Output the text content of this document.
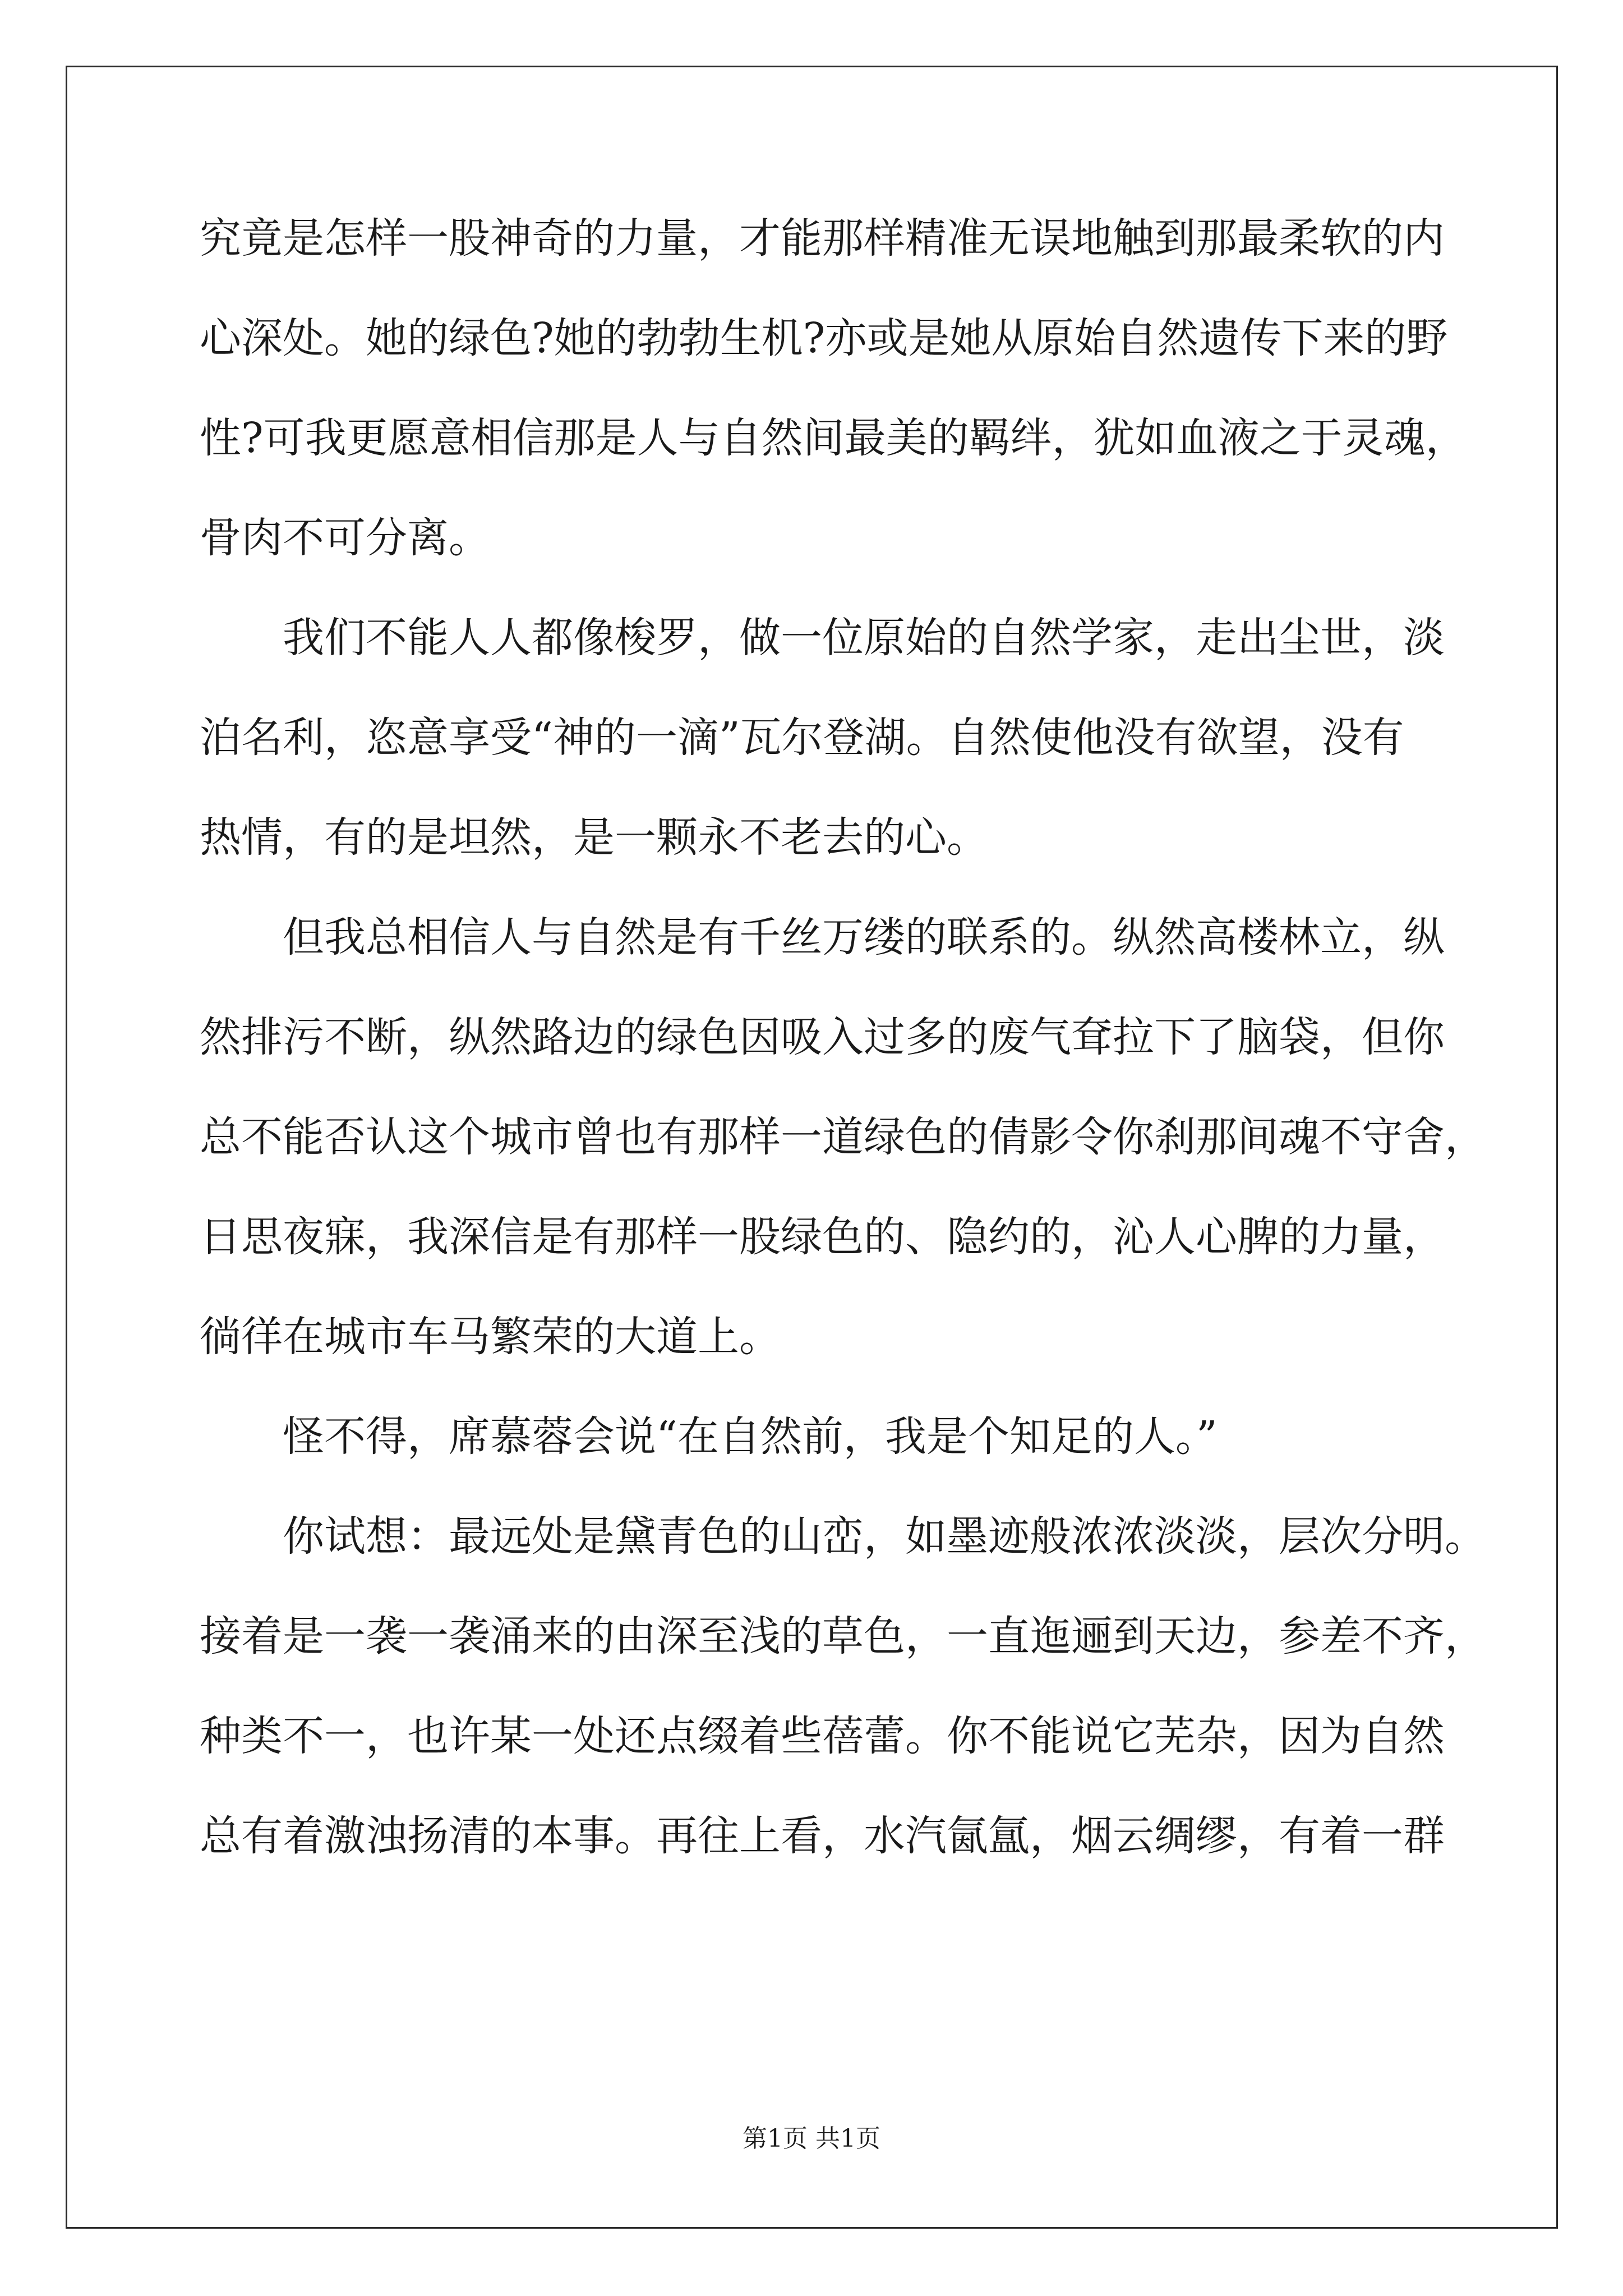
究竟是怎样一股神奇的力量，才能那样精准无误地触到那最柔软的内
心深处。她的绿色?她的勃勃生机?亦或是她从原始自然遗传下来的野
性?可我更愿意相信那是人与自然间最美的羁绊，犹如血液之于灵魂，
骨肉不可分离。
我们不能人人都像梭罗，做一位原始的自然学家，走出尘世，淡
泊名利，恣意享受“神的一滴”瓦尔登湖。自然使他没有欲望，没有
热情，有的是坦然，是一颗永不老去的心。
但我总相信人与自然是有千丝万缕的联系的。纵然高楼林立，纵
然排污不断，纵然路边的绿色因吸入过多的废气耷拉下了脑袋，但你
总不能否认这个城市曾也有那样一道绿色的倩影令你刹那间魂不守舍，
日思夜寐，我深信是有那样一股绿色的、隐约的，沁人心脾的力量，
徜徉在城市车马繁荣的大道上。
怪不得，席慕蓉会说“在自然前，我是个知足的人。”
你试想：最远处是黛青色的山峦，如墨迹般浓浓淡淡，层次分明。
接着是一袭一袭涌来的由深至浅的草色，一直迤逦到天边，参差不齐，
种类不一，也许某一处还点缀着些蓓蕾。你不能说它芜杂，因为自然
总有着激浊扬清的本事。再往上看，水汽氤氲，烟云绸缪，有着一群
第1页 共1页
